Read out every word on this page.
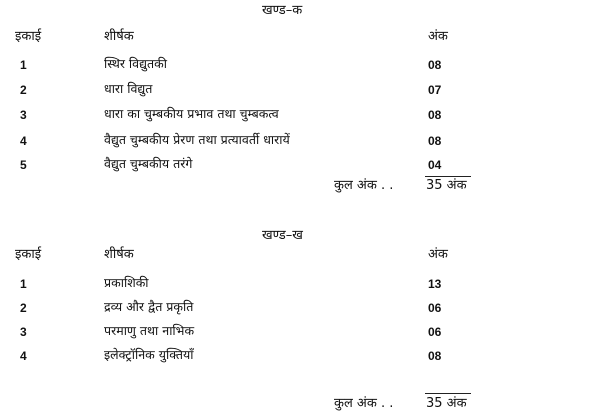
खण्ड–क
इकाई	शीर्षक	अंक
1	स्थिर विद्युतकी	08
2	धारा विद्युत	07
3	धारा का चुम्बकीय प्रभाव तथा चुम्बकत्व	08
4	वैद्युत चुम्बकीय प्रेरण तथा प्रत्यावर्ती धारायें	08
5	वैद्युत चुम्बकीय तरंगे	04
कुल अंक . .	35 अंक
खण्ड–ख
इकाई	शीर्षक	अंक
1	प्रकाशिकी	13
2	द्रव्य और द्वैत प्रकृति	06
3	परमाणु तथा नाभिक	06
4	इलेक्ट्रॉनिक युक्तियाँ	08
कुल अंक . .	35 अंक
